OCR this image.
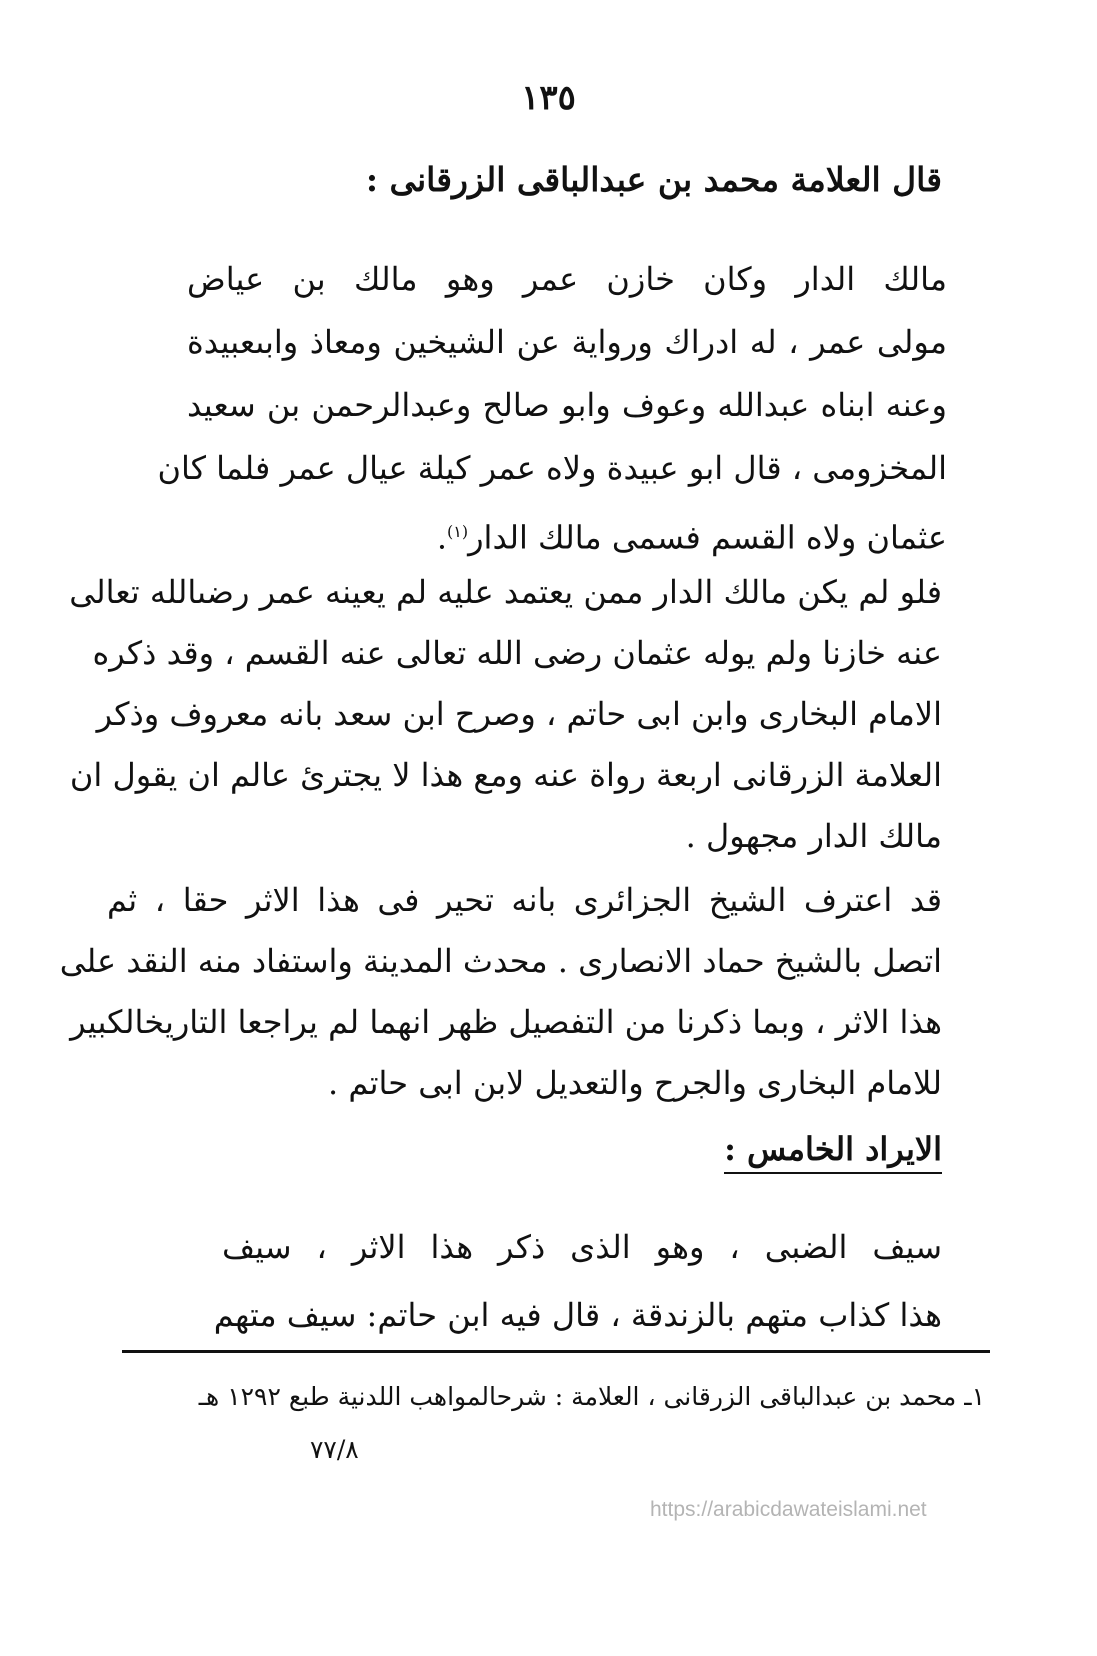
١٣٥
قال العلامة محمد بن عبدالباقى الزرقانى :
مالك الدار وكان خازن عمر وهو مالك بن عياض
مولى عمر ، له ادراك ورواية عن الشيخين ومعاذ وابىعبيدة
وعنه ابناه عبدالله وعوف وابو صالح وعبدالرحمن بن سعيد
المخزومى ، قال ابو عبيدة ولاه عمر كيلة عيال عمر فلما كان
عثمان ولاه القسم فسمى مالك الدار$^{(١)}$.
فلو لم يكن مالك الدار ممن يعتمد عليه لم يعينه عمر رضىالله تعالى
عنه خازنا ولم يوله عثمان رضى الله تعالى عنه القسم ، وقد ذكره
الامام البخارى وابن ابى حاتم ، وصرح ابن سعد بانه معروف وذكر
العلامة الزرقانى اربعة رواة عنه ومع هذا لا يجترئ عالم ان يقول ان
مالك الدار مجهول .
قد اعترف الشيخ الجزائرى بانه تحير فى هذا الاثر حقا ، ثم
اتصل بالشيخ حماد الانصارى . محدث المدينة واستفاد منه النقد على
هذا الاثر ، وبما ذكرنا من التفصيل ظهر انهما لم يراجعا التاريخالكبير
للامام البخارى والجرح والتعديل لابن ابى حاتم .
الايراد الخامس :
سيف الضبى ، وهو الذى ذكر هذا الاثر ، سيف
هذا كذاب متهم بالزندقة ، قال فيه ابن حاتم: سيف متهم
١ـ محمد بن عبدالباقى الزرقانى ، العلامة : شرحالمواهب اللدنية طبع ١٢٩٢ هـ
٧٧/٨
https://arabicdawateislami.net
